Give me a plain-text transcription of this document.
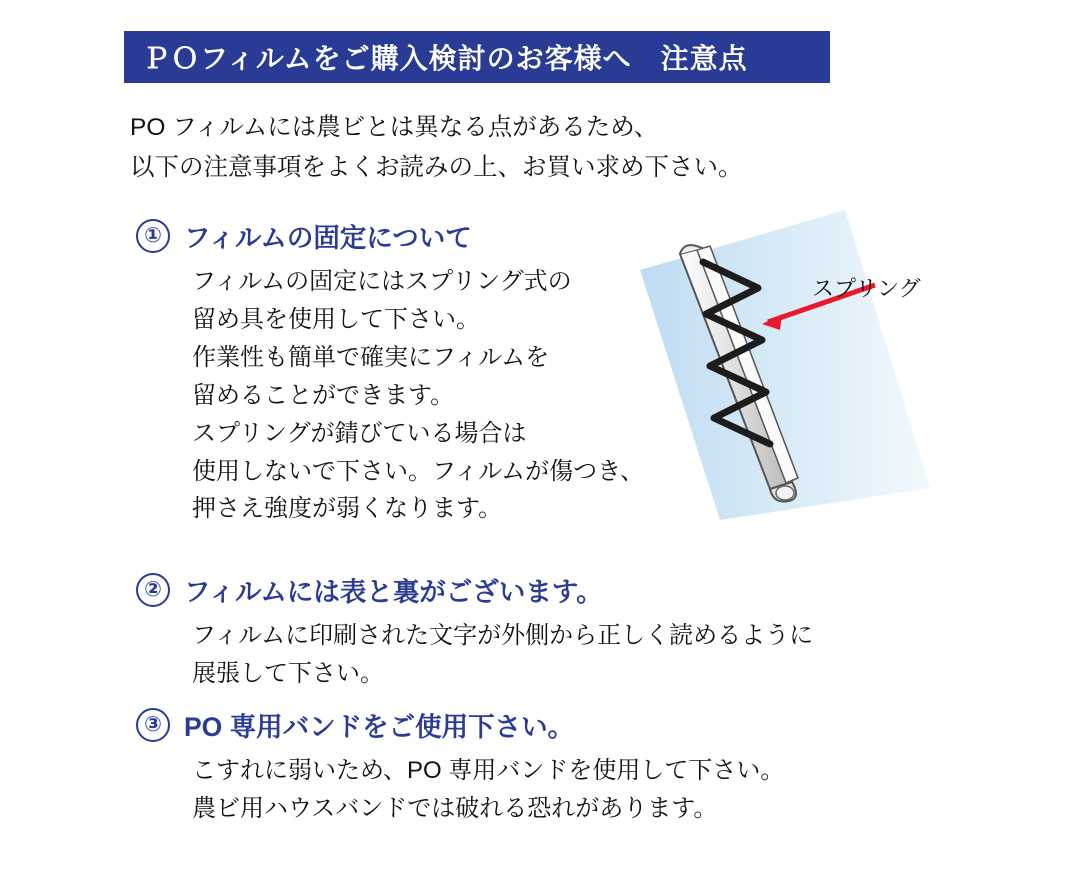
ＰＯフィルムをご購入検討のお客様へ　注意点
PO フィルムには農ビとは異なる点があるため、
以下の注意事項をよくお読みの上、お買い求め下さい。
① フィルムの固定について
フィルムの固定にはスプリング式の
留め具を使用して下さい。
作業性も簡単で確実にフィルムを
留めることができます。
スプリングが錆びている場合は
使用しないで下さい。フィルムが傷つき、
押さえ強度が弱くなります。
スプリング
② フィルムには表と裏がございます。
フィルムに印刷された文字が外側から正しく読めるように
展張して下さい。
③ PO 専用バンドをご使用下さい。
こすれに弱いため、PO 専用バンドを使用して下さい。
農ビ用ハウスバンドでは破れる恐れがあります。
